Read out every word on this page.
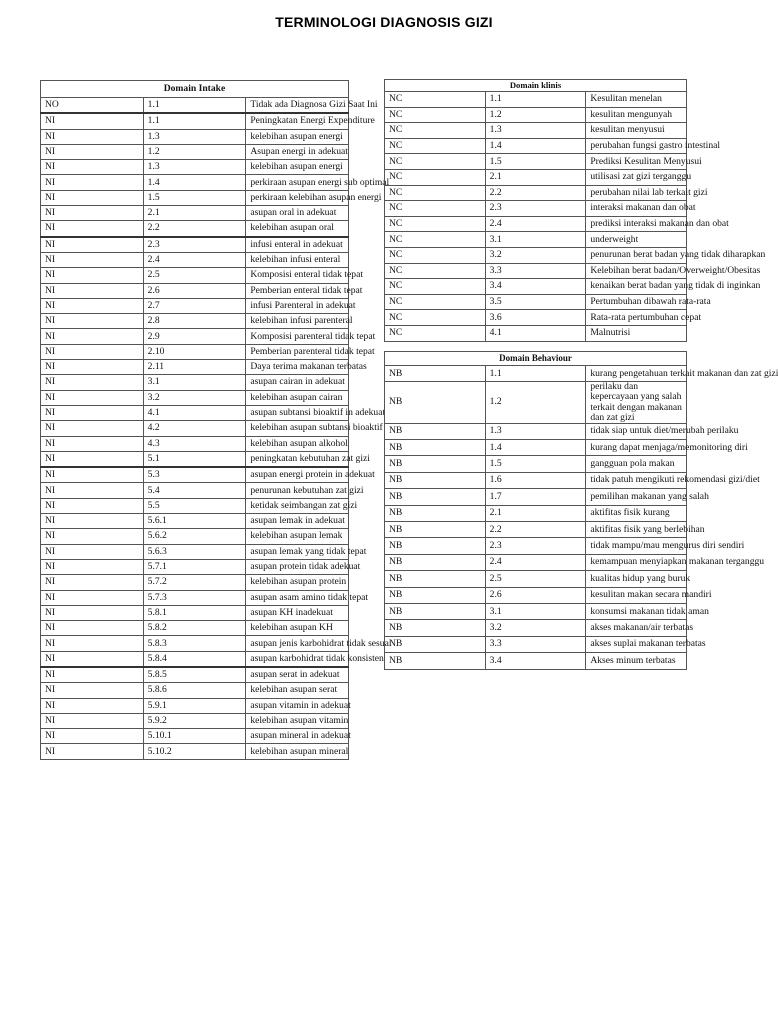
TERMINOLOGI DIAGNOSIS GIZI
Domain Intake		
NO	1.1	Tidak ada Diagnosa Gizi Saat Ini
NI	1.1	Peningkatan Energi Expenditure
NI	1.3	kelebihan asupan energi
NI	1.2	Asupan energi in adekuat
NI	1.3	kelebihan asupan energi
NI	1.4	perkiraan asupan energi sub optimal
NI	1.5	perkiraan kelebihan asupan energi
NI	2.1	asupan oral in adekuat
NI	2.2	kelebihan asupan oral
NI	2.3	infusi enteral in adekuat
NI	2.4	kelebihan infusi enteral
NI	2.5	Komposisi enteral tidak tepat
NI	2.6	Pemberian enteral tidak tepat
NI	2.7	infusi Parenteral in adekuat
NI	2.8	kelebihan infusi parenteral
NI	2.9	Komposisi parenteral tidak tepat
NI	2.10	Pemberian parenteral tidak tepat
NI	2.11	Daya terima makanan terbatas
NI	3.1	asupan cairan in adekuat
NI	3.2	kelebihan asupan cairan
NI	4.1	asupan subtansi bioaktif in adekuat
NI	4.2	kelebihan asupan subtansi bioaktif
NI	4.3	kelebihan asupan alkohol
NI	5.1	peningkatan kebutuhan zat gizi
NI	5.3	asupan energi protein in adekuat
NI	5.4	penurunan kebutuhan zat gizi
NI	5.5	ketidak seimbangan zat gizi
NI	5.6.1	asupan lemak in adekuat
NI	5.6.2	kelebihan asupan lemak
NI	5.6.3	asupan lemak yang tidak tepat
NI	5.7.1	asupan protein tidak adekuat
NI	5.7.2	kelebihan asupan protein
NI	5.7.3	asupan asam amino tidak tepat
NI	5.8.1	asupan KH inadekuat
NI	5.8.2	kelebihan asupan KH
NI	5.8.3	asupan jenis karbohidrat tidak sesuai
NI	5.8.4	asupan karbohidrat tidak konsisten
NI	5.8.5	asupan serat in adekuat
NI	5.8.6	kelebihan asupan serat
NI	5.9.1	asupan vitamin in adekuat
NI	5.9.2	kelebihan asupan vitamin
NI	5.10.1	asupan mineral in adekuat
NI	5.10.2	kelebihan asupan mineral
Domain klinis		
NC	1.1	Kesulitan menelan
NC	1.2	kesulitan mengunyah
NC	1.3	kesulitan menyusui
NC	1.4	perubahan fungsi gastro intestinal
NC	1.5	Prediksi Kesulitan Menyusui
NC	2.1	utilisasi zat gizi terganggu
NC	2.2	perubahan nilai lab terkait gizi
NC	2.3	interaksi makanan dan obat
NC	2.4	prediksi interaksi makanan dan obat
NC	3.1	underweight
NC	3.2	penurunan berat badan yang tidak diharapkan
NC	3.3	Kelebihan berat badan/Overweight/Obesitas
NC	3.4	kenaikan berat badan yang tidak di inginkan
NC	3.5	Pertumbuhan dibawah rata-rata
NC	3.6	Rata-rata pertumbuhan cepat
NC	4.1	Malnutrisi
Domain Behaviour		
NB	1.1	kurang pengetahuan terkait makanan dan zat gizi
NB	1.2	perilaku dan kepercayaan yang salah terkait dengan makanan dan zat gizi
NB	1.3	tidak siap untuk diet/merubah perilaku
NB	1.4	kurang dapat menjaga/memonitoring diri
NB	1.5	gangguan pola makan
NB	1.6	tidak patuh mengikuti rekomendasi gizi/diet
NB	1.7	pemilihan makanan yang salah
NB	2.1	aktifitas fisik kurang
NB	2.2	aktifitas fisik yang berlebihan
NB	2.3	tidak mampu/mau mengurus diri sendiri
NB	2.4	kemampuan menyiapkan makanan terganggu
NB	2.5	kualitas hidup yang buruk
NB	2.6	kesulitan makan secara mandiri
NB	3.1	konsumsi makanan tidak aman
NB	3.2	akses makanan/air terbatas
NB	3.3	akses suplai makanan terbatas
NB	3.4	Akses minum terbatas
